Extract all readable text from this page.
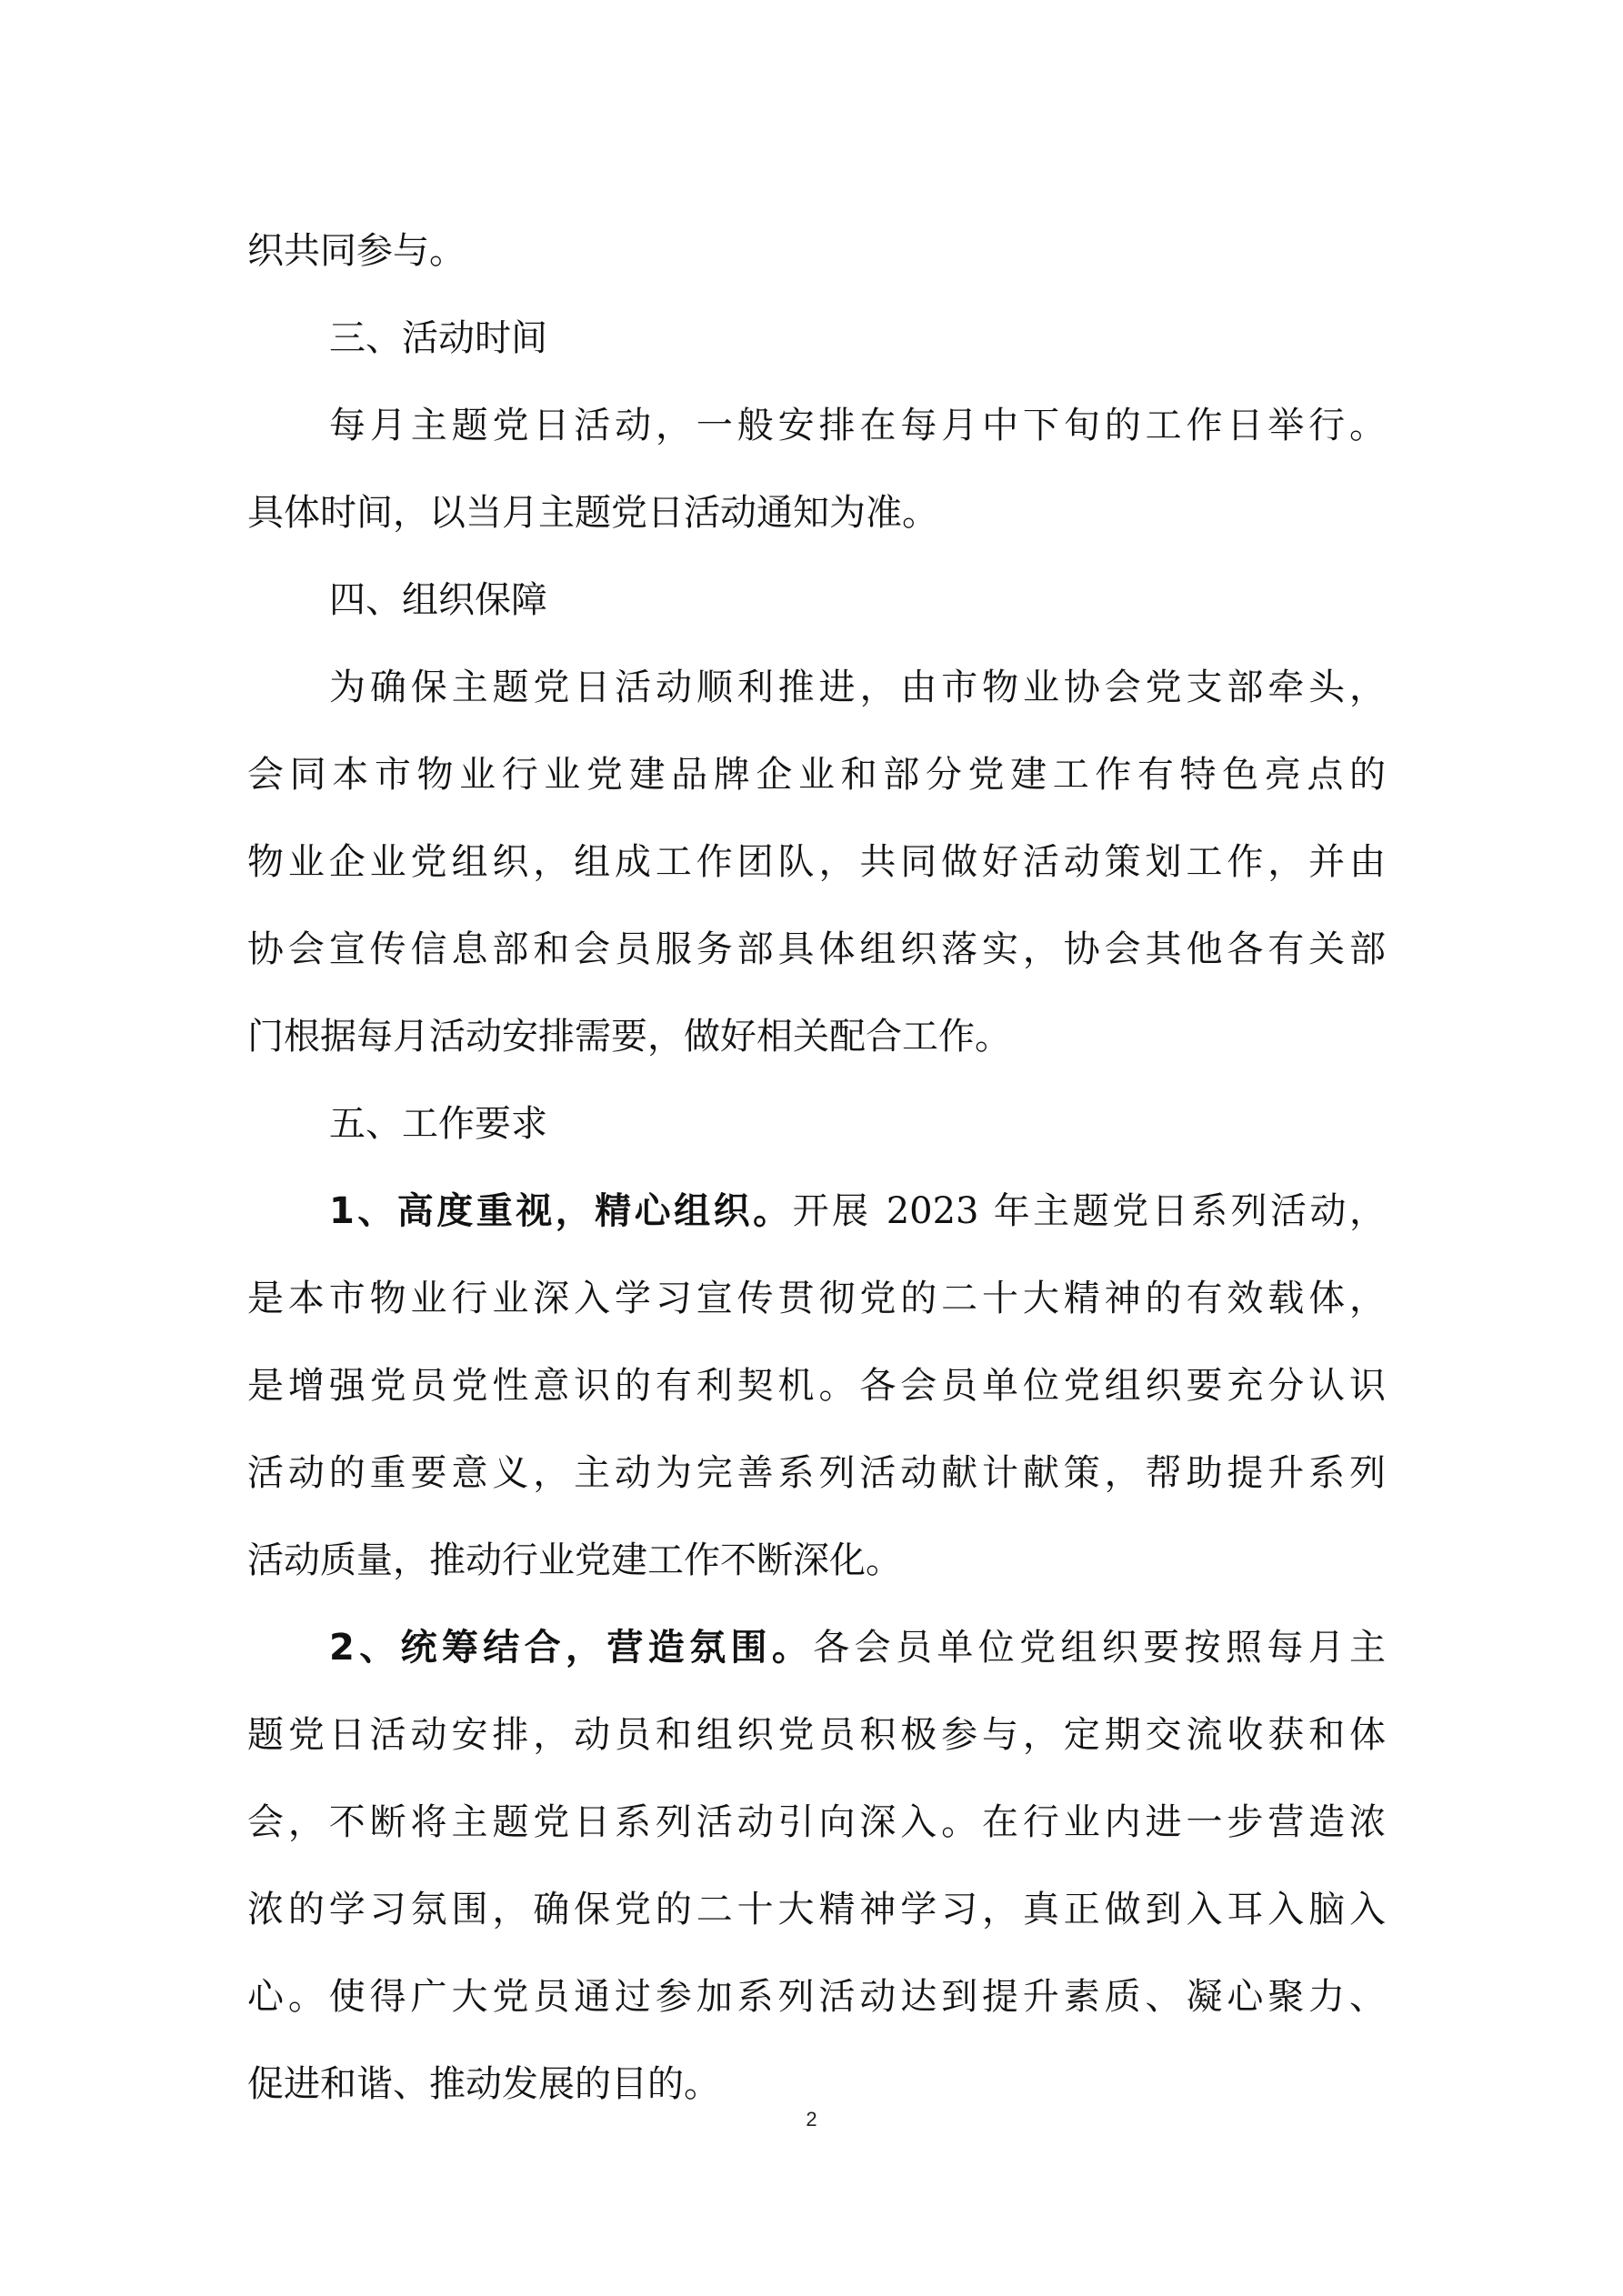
织共同参与。
三、活动时间
每月主题党日活动，一般安排在每月中下旬的工作日举行。
具体时间，以当月主题党日活动通知为准。
四、组织保障
为确保主题党日活动顺利推进，由市物业协会党支部牵头，
会同本市物业行业党建品牌企业和部分党建工作有特色亮点的
物业企业党组织，组成工作团队，共同做好活动策划工作，并由
协会宣传信息部和会员服务部具体组织落实，协会其他各有关部
门根据每月活动安排需要，做好相关配合工作。
五、工作要求
1、高度重视，精心组织。开展 2023 年主题党日系列活动，
是本市物业行业深入学习宣传贯彻党的二十大精神的有效载体，
是增强党员党性意识的有利契机。各会员单位党组织要充分认识
活动的重要意义，主动为完善系列活动献计献策，帮助提升系列
活动质量，推动行业党建工作不断深化。
2、统筹结合，营造氛围。各会员单位党组织要按照每月主
题党日活动安排，动员和组织党员积极参与，定期交流收获和体
会，不断将主题党日系列活动引向深入。在行业内进一步营造浓
浓的学习氛围，确保党的二十大精神学习，真正做到入耳入脑入
心。使得广大党员通过参加系列活动达到提升素质、凝心聚力、
促进和谐、推动发展的目的。
2
